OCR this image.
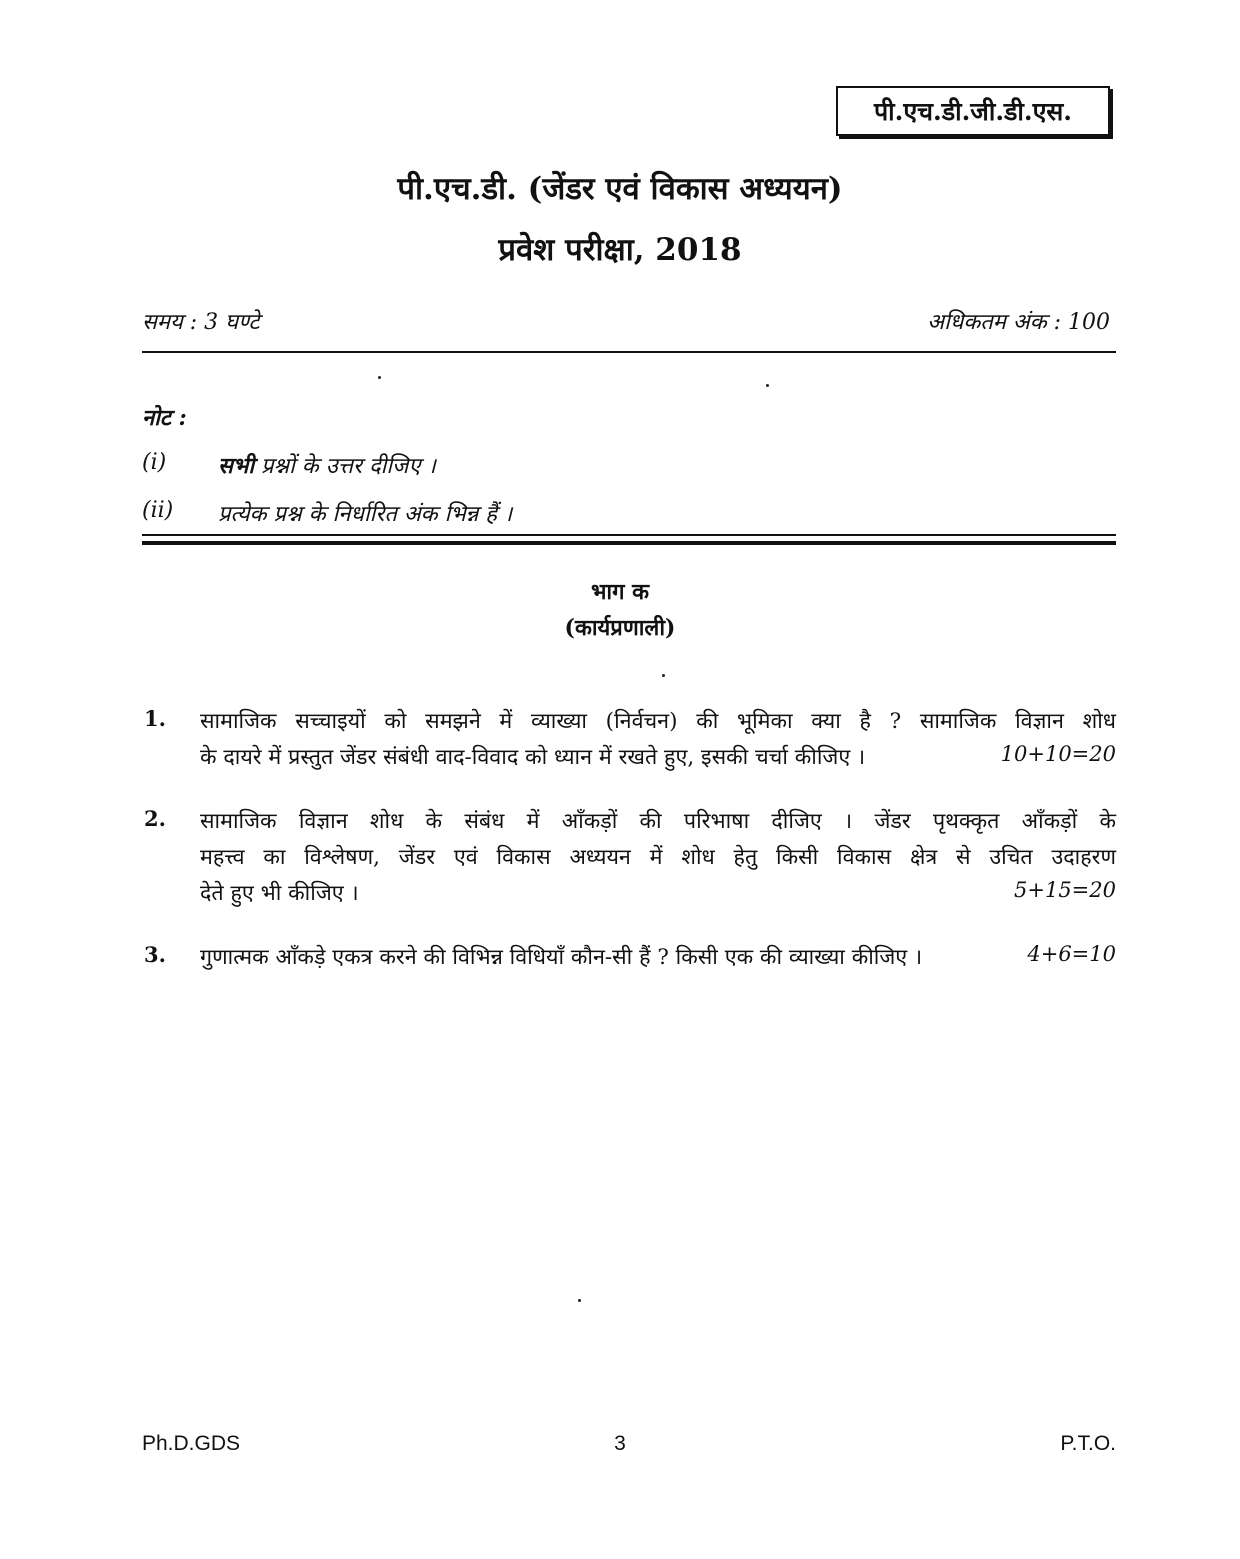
पी.एच.डी.जी.डी.एस.
पी.एच.डी. (जेंडर एवं विकास अध्ययन)
प्रवेश परीक्षा, 2018
समय : 3 घण्टे	अधिकतम अंक : 100
नोट :
(i) सभी प्रश्नों के उत्तर दीजिए ।
(ii) प्रत्येक प्रश्न के निर्धारित अंक भिन्न हैं ।
भाग क
(कार्यप्रणाली)
1. सामाजिक सच्चाइयों को समझने में व्याख्या (निर्वचन) की भूमिका क्या है ? सामाजिक विज्ञान शोध
के दायरे में प्रस्तुत जेंडर संबंधी वाद-विवाद को ध्यान में रखते हुए, इसकी चर्चा कीजिए ।	10+10=20
2. सामाजिक विज्ञान शोध के संबंध में आँकड़ों की परिभाषा दीजिए । जेंडर पृथक्कृत आँकड़ों के
महत्त्व का विश्लेषण, जेंडर एवं विकास अध्ययन में शोध हेतु किसी विकास क्षेत्र से उचित उदाहरण
देते हुए भी कीजिए ।	5+15=20
3. गुणात्मक आँकड़े एकत्र करने की विभिन्न विधियाँ कौन-सी हैं ? किसी एक की व्याख्या कीजिए ।	4+6=10
Ph.D.GDS	3	P.T.O.
